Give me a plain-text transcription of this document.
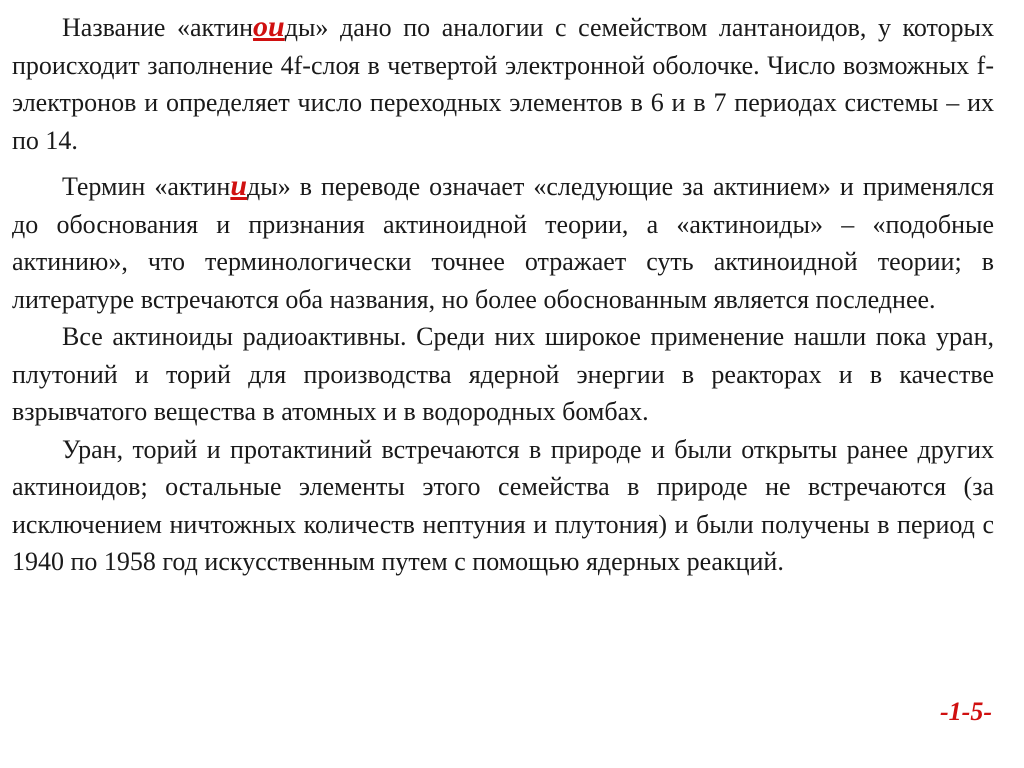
Название «актиноиды» дано по аналогии с семейством лантаноидов, у которых происходит заполнение 4f-слоя в четвертой электронной оболочке. Число возможных f-электронов и определяет число переходных элементов в 6 и в 7 периодах системы – их по 14.

Термин «актиниды» в переводе означает «следующие за актинием» и применялся до обоснования и признания актиноидной теории, а «актиноиды» – «подобные актинию», что терминологически точнее отражает суть актиноидной теории; в литературе встречаются оба названия, но более обоснованным является последнее.

Все актиноиды радиоактивны. Среди них широкое применение нашли пока уран, плутоний и торий для производства ядерной энергии в реакторах и в качестве взрывчатого вещества в атомных и в водородных бомбах.

Уран, торий и протактиний встречаются в природе и были открыты ранее других актиноидов; остальные элементы этого семейства в природе не встречаются (за исключением ничтожных количеств нептуния и плутония) и были получены в период с 1940 по 1958 год искусственным путем с помощью ядерных реакций.

-1-5-
